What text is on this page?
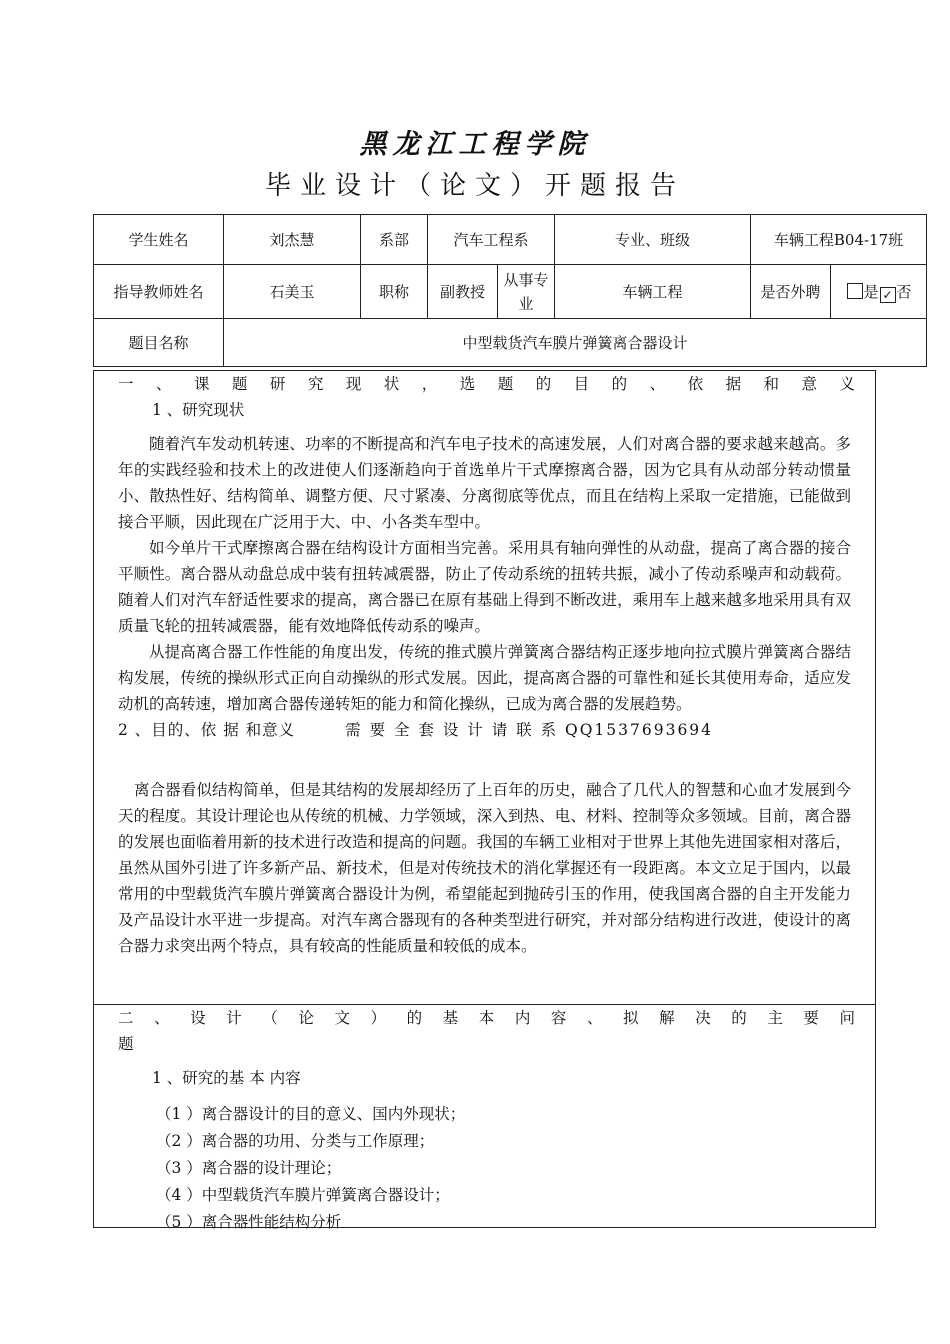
黑龙江工程学院
毕业设计（论文）开题报告
学生姓名	刘杰慧	系部	汽车工程系		专业、班级	车辆工程B04-17班	
指导教师姓名	石美玉	职称	副教授	从事专业	车辆工程	是否外聘	是 ✓ 否
题目名称	中型载货汽车膜片弹簧离合器设计						
一、课题研究现状，选题的目的、依据和意义
1 、研究现状

随着汽车发动机转速、功率的不断提高和汽车电子技术的高速发展，人们对离合器的要求越来越高。多年的实践经验和技术上的改进使人们逐渐趋向于首选单片干式摩擦离合器，因为它具有从动部分转动惯量小、散热性好、结构简单、调整方便、尺寸紧凑、分离彻底等优点，而且在结构上采取一定措施，已能做到接合平顺，因此现在广泛用于大、中、小各类车型中。

如今单片干式摩擦离合器在结构设计方面相当完善。采用具有轴向弹性的从动盘，提高了离合器的接合平顺性。离合器从动盘总成中装有扭转减震器，防止了传动系统的扭转共振，减小了传动系噪声和动载荷。随着人们对汽车舒适性要求的提高，离合器已在原有基础上得到不断改进，乘用车上越来越多地采用具有双质量飞轮的扭转减震器，能有效地降低传动系的噪声。

从提高离合器工作性能的角度出发，传统的推式膜片弹簧离合器结构正逐步地向拉式膜片弹簧离合器结构发展，传统的操纵形式正向自动操纵的形式发展。因此，提高离合器的可靠性和延长其使用寿命，适应发动机的高转速，增加离合器传递转矩的能力和简化操纵，已成为离合器的发展趋势。

2 、目的、依 据 和意义	需 要 全 套 设 计 请 联 系 QQ1537693694

离合器看似结构简单，但是其结构的发展却经历了上百年的历史，融合了几代人的智慧和心血才发展到今天的程度。其设计理论也从传统的机械、力学领域，深入到热、电、材料、控制等众多领域。目前，离合器的发展也面临着用新的技术进行改造和提高的问题。我国的车辆工业相对于世界上其他先进国家相对落后，虽然从国外引进了许多新产品、新技术，但是对传统技术的消化掌握还有一段距离。本文立足于国内，以最常用的中型载货汽车膜片弹簧离合器设计为例，希望能起到抛砖引玉的作用，使我国离合器的自主开发能力及产品设计水平进一步提高。对汽车离合器现有的各种类型进行研究，并对部分结构进行改进，使设计的离合器力求突出两个特点，具有较高的性能质量和较低的成本。

二、设计（论文）的基本内容、拟解决的主要问
题
1 、研究的基 本 内容
（1 ）离合器设计的目的意义、国内外现状；
（2 ）离合器的功用、分类与工作原理；
（3 ）离合器的设计理论；
（4 ）中型载货汽车膜片弹簧离合器设计；
（5 ）离合器性能结构分析
